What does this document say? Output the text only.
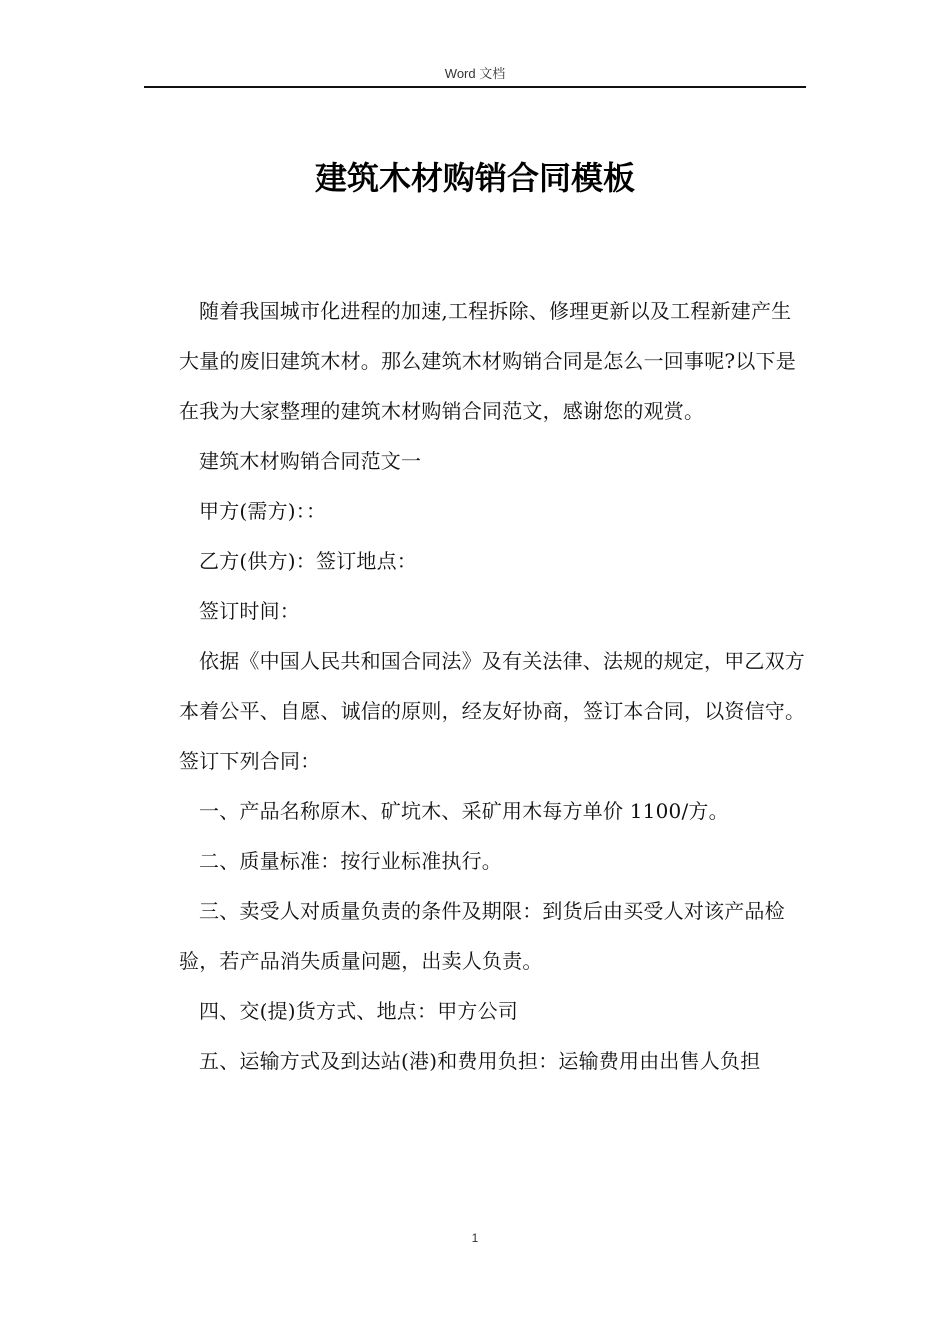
Word 文档
建筑木材购销合同模板

随着我国城市化进程的加速,工程拆除、修理更新以及工程新建产生大量的废旧建筑木材。那么建筑木材购销合同是怎么一回事呢?以下是在我为大家整理的建筑木材购销合同范文，感谢您的观赏。

建筑木材购销合同范文一

甲方(需方)：：

乙方(供方)：签订地点：

签订时间：

依据《中国人民共和国合同法》及有关法律、法规的规定，甲乙双方本着公平、自愿、诚信的原则，经友好协商，签订本合同，以资信守。签订下列合同：

一、产品名称原木、矿坑木、采矿用木每方单价 1100/方。

二、质量标准：按行业标准执行。

三、卖受人对质量负责的条件及期限：到货后由买受人对该产品检验，若产品消失质量问题，出卖人负责。

四、交(提)货方式、地点：甲方公司

五、运输方式及到达站(港)和费用负担：运输费用由出售人负担

1
